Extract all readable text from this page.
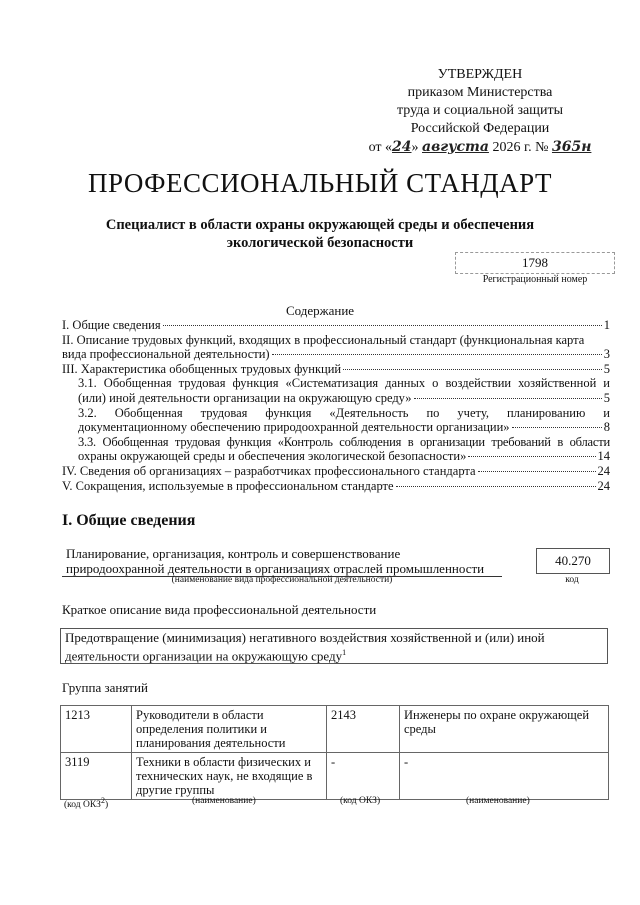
УТВЕРЖДЕН
приказом Министерства
труда и социальной защиты
Российской Федерации
от «24» августа 2026 г. № 365н
ПРОФЕССИОНАЛЬНЫЙ СТАНДАРТ
Специалист в области охраны окружающей среды и обеспечения
экологической безопасности
1798
Регистрационный номер
Содержание
I. Общие сведения	1
II. Описание трудовых функций, входящих в профессиональный стандарт (функциональная карта
вида профессиональной деятельности)	3
III. Характеристика обобщенных трудовых функций	5
3.1. Обобщенная трудовая функция «Систематизация данных о воздействии хозяйственной и
(или) иной деятельности организации на окружающую среду»	5
3.2. Обобщенная трудовая функция «Деятельность по учету, планированию и
документационному обеспечению природоохранной деятельности организации»	8
3.3. Обобщенная трудовая функция «Контроль соблюдения в организации требований в области
охраны окружающей среды и обеспечения экологической безопасности»	14
IV. Сведения об организациях – разработчиках профессионального стандарта	24
V. Сокращения, используемые в профессиональном стандарте	24
I. Общие сведения
Планирование, организация, контроль и совершенствование
природоохранной деятельности в организациях отраслей промышленности
(наименование вида профессиональной деятельности)
40.270
код
Краткое описание вида профессиональной деятельности
Предотвращение (минимизация) негативного воздействия хозяйственной и (или) иной деятельности организации на окружающую среду$^1$
Группа занятий
1213	Руководители в области определения политики и планирования деятельности	2143	Инженеры по охране окружающей среды
3119	Техники в области физических и технических наук, не входящие в другие группы	-	-
(код ОКЗ$^2$)	(наименование)	(код ОКЗ)	(наименование)
